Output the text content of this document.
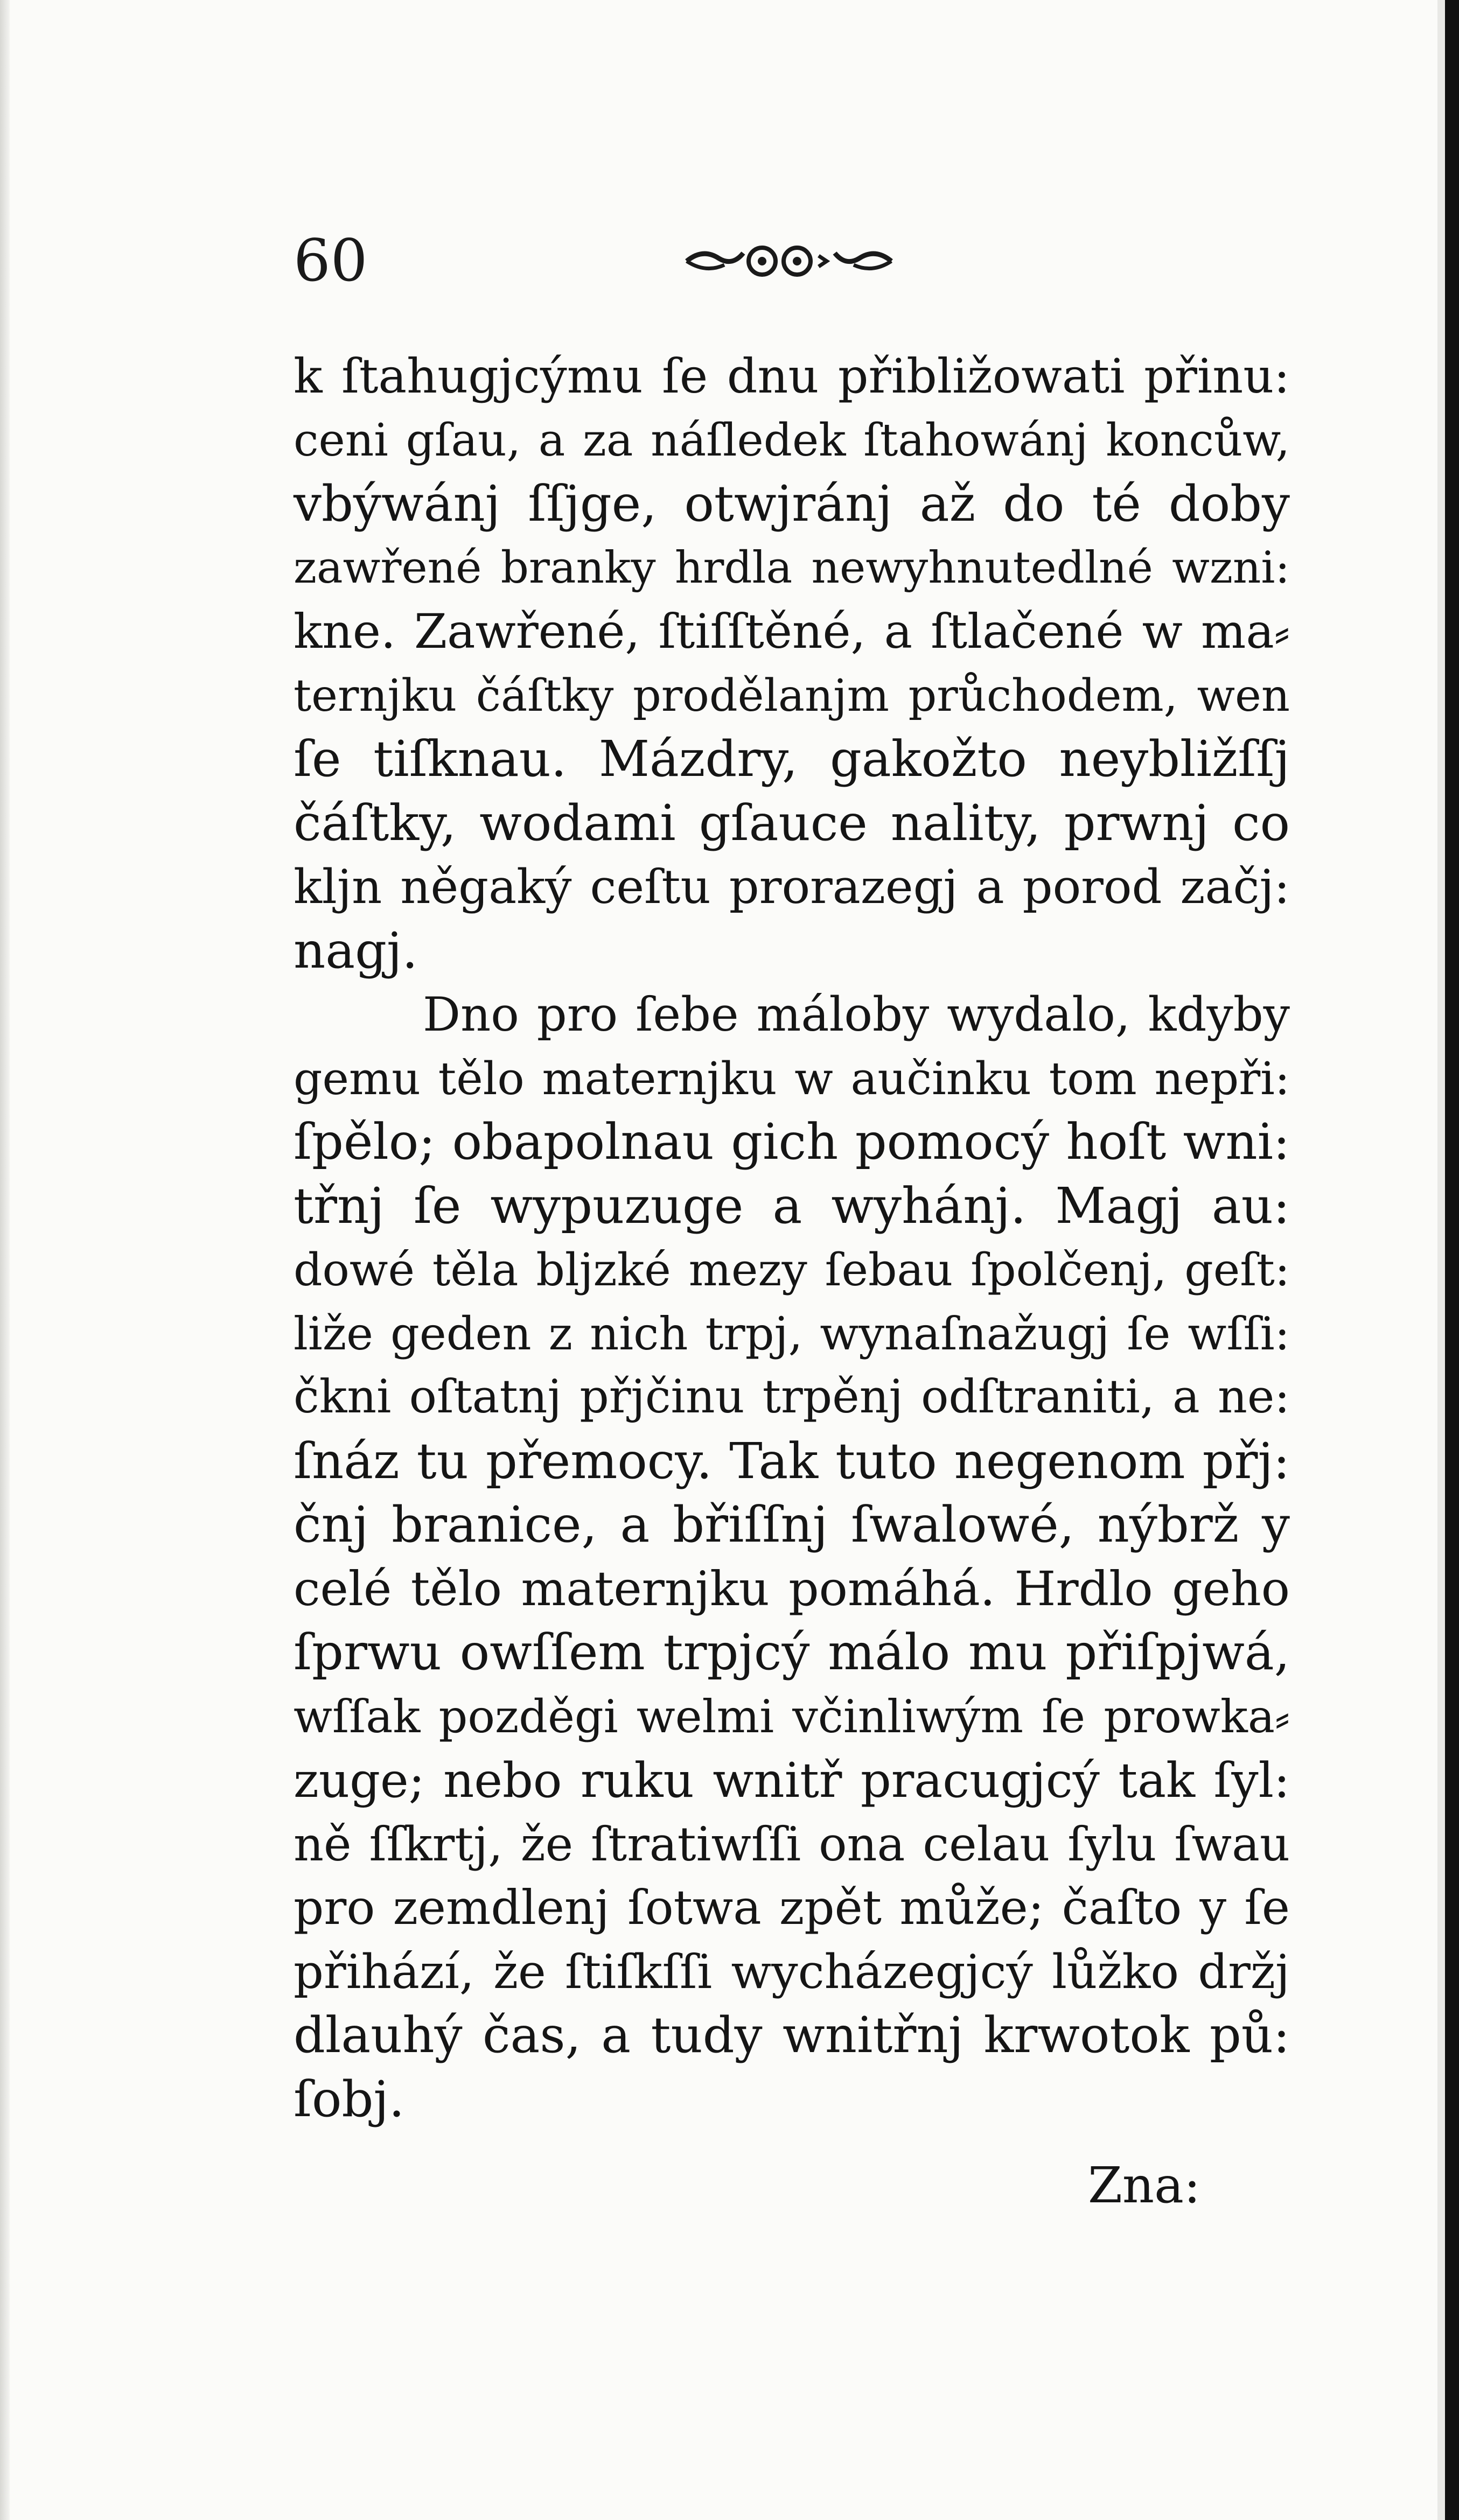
60
k ſtahugjcýmu ſe dnu přibližowati přinu:
ceni gſau, a za náſledek ſtahowánj koncůw,
vbýwánj ſſjge, otwjránj až do té doby
zawřené branky hrdla newyhnutedlné wzni:
kne. Zawřené, ſtiſſtěné, a ſtlačené w ma⸗
ternjku čáſtky prodělanjm průchodem, wen
ſe tiſknau. Mázdry, gakožto neybližſſj
čáſtky, wodami gſauce nality, prwnj co
klјn něgaký ceſtu prorazegj a porod začj:
nagj.
Dno pro ſebe máloby wydalo, kdyby
gemu tělo maternjku w aučinku tom nepři:
ſpělo; obapolnau gich pomocý hoſt wni:
třnj ſe wypuzuge a wyhánj. Magj au:
dowé těla bljzké mezy ſebau ſpolčenj, geſt:
liže geden z nich trpj, wynaſnažugj ſe wſſi:
čkni oſtatnj přjčinu trpěnj odſtraniti, a ne:
ſnáz tu přemocy. Tak tuto negenom přj:
čnj branice, a břiſſnj ſwalowé, nýbrž y
celé tělo maternjku pomáhá. Hrdlo geho
ſprwu owſſem trpjcý málo mu přiſpjwá,
wſſak pozděgi welmi včinliwým ſe prowka⸗
zuge; nebo ruku wnitř pracugjcý tak ſyl:
ně ſſkrtj, že ſtratiwſſi ona celau ſylu ſwau
pro zemdlenj ſotwa zpět může; čaſto y ſe
přihází, že ſtiſkſſi wycházegjcý lůžko držj
dlauhý čas, a tudy wnitřnj krwotok pů:
ſobj.
Zna:
